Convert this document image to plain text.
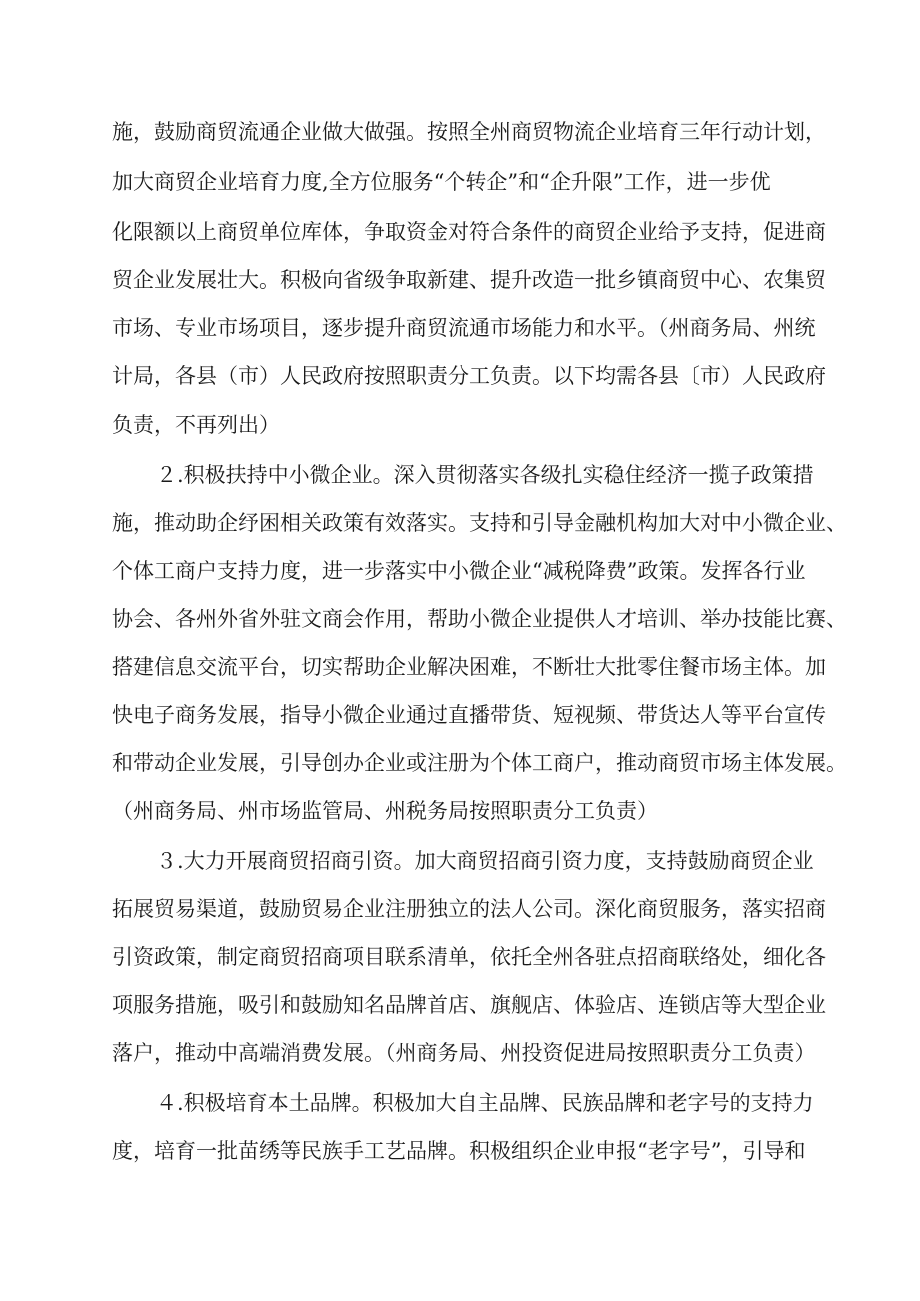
施，鼓励商贸流通企业做大做强。按照全州商贸物流企业培育三年行动计划，
加大商贸企业培育力度,全方位服务“个转企”和“企升限”工作，进一步优
化限额以上商贸单位库体，争取资金对符合条件的商贸企业给予支持，促进商
贸企业发展壮大。积极向省级争取新建、提升改造一批乡镇商贸中心、农集贸
市场、专业市场项目，逐步提升商贸流通市场能力和水平。（州商务局、州统
计局，各县（市）人民政府按照职责分工负责。以下均需各县〔市）人民政府
负责，不再列出）
２.积极扶持中小微企业。深入贯彻落实各级扎实稳住经济一揽子政策措
施，推动助企纾困相关政策有效落实。支持和引导金融机构加大对中小微企业、
个体工商户支持力度，进一步落实中小微企业“减税降费”政策。发挥各行业
协会、各州外省外驻文商会作用，帮助小微企业提供人才培训、举办技能比赛、
搭建信息交流平台，切实帮助企业解决困难，不断壮大批零住餐市场主体。加
快电子商务发展，指导小微企业通过直播带货、短视频、带货达人等平台宣传
和带动企业发展，引导创办企业或注册为个体工商户，推动商贸市场主体发展。
（州商务局、州市场监管局、州税务局按照职责分工负责）
３.大力开展商贸招商引资。加大商贸招商引资力度，支持鼓励商贸企业
拓展贸易渠道，鼓励贸易企业注册独立的法人公司。深化商贸服务，落实招商
引资政策，制定商贸招商项目联系清单，依托全州各驻点招商联络处，细化各
项服务措施，吸引和鼓励知名品牌首店、旗舰店、体验店、连锁店等大型企业
落户，推动中高端消费发展。（州商务局、州投资促进局按照职责分工负责）
４.积极培育本土品牌。积极加大自主品牌、民族品牌和老字号的支持力
度，培育一批苗绣等民族手工艺品牌。积极组织企业申报“老字号”，引导和
